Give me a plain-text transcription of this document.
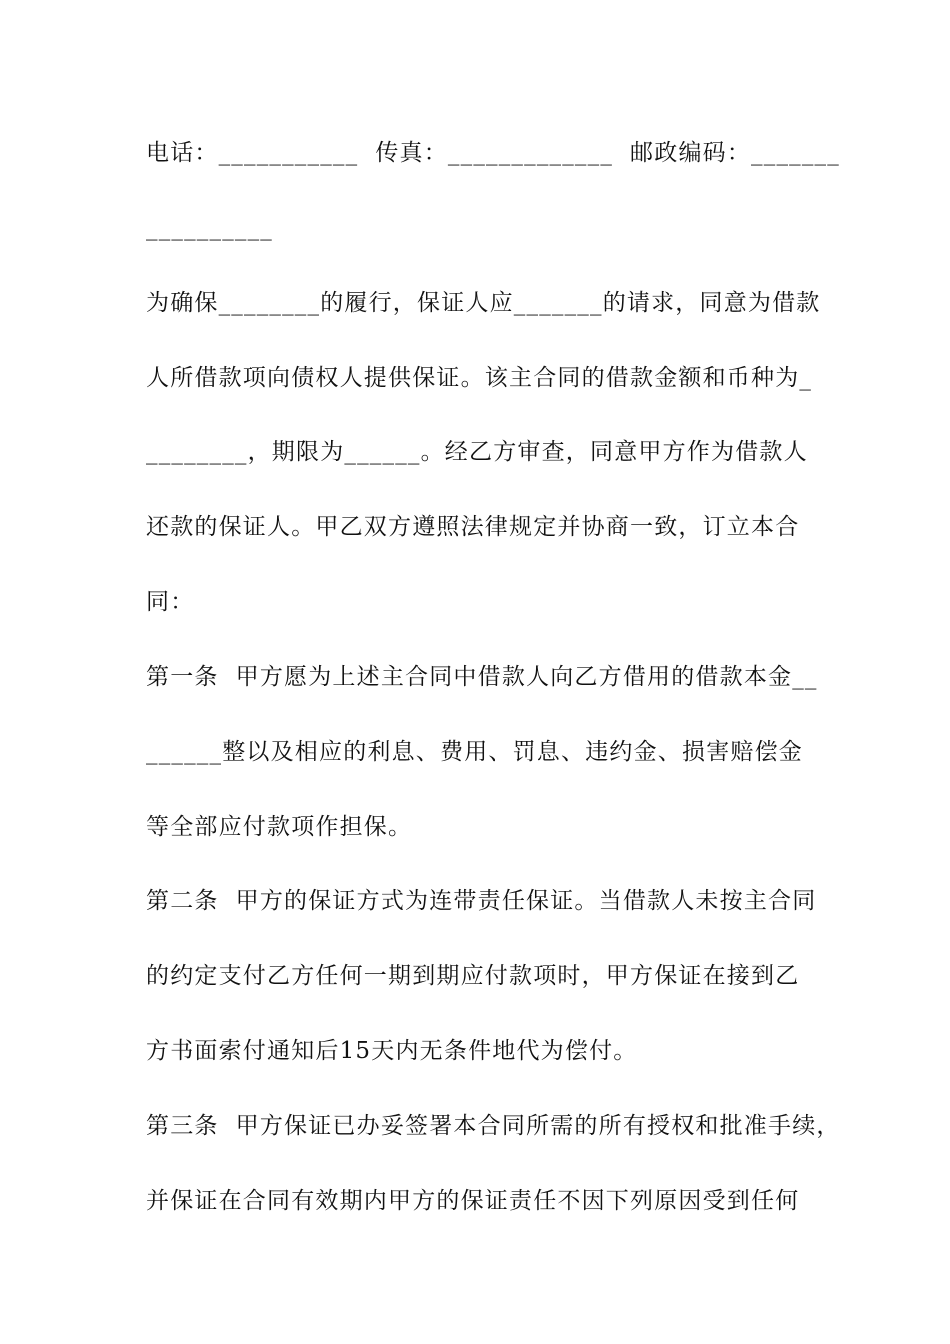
电话：___________  传真：_____________  邮政编码：_______
__________
为确保________的履行，保证人应_______的请求，同意为借款
人所借款项向债权人提供保证。该主合同的借款金额和币种为_
________，期限为______。经乙方审查，同意甲方作为借款人
还款的保证人。甲乙双方遵照法律规定并协商一致，订立本合
同：
第一条  甲方愿为上述主合同中借款人向乙方借用的借款本金__
______整以及相应的利息、费用、罚息、违约金、损害赔偿金
等全部应付款项作担保。
第二条  甲方的保证方式为连带责任保证。当借款人未按主合同
的约定支付乙方任何一期到期应付款项时，甲方保证在接到乙
方书面索付通知后15天内无条件地代为偿付。
第三条  甲方保证已办妥签署本合同所需的所有授权和批准手续，
并保证在合同有效期内甲方的保证责任不因下列原因受到任何
